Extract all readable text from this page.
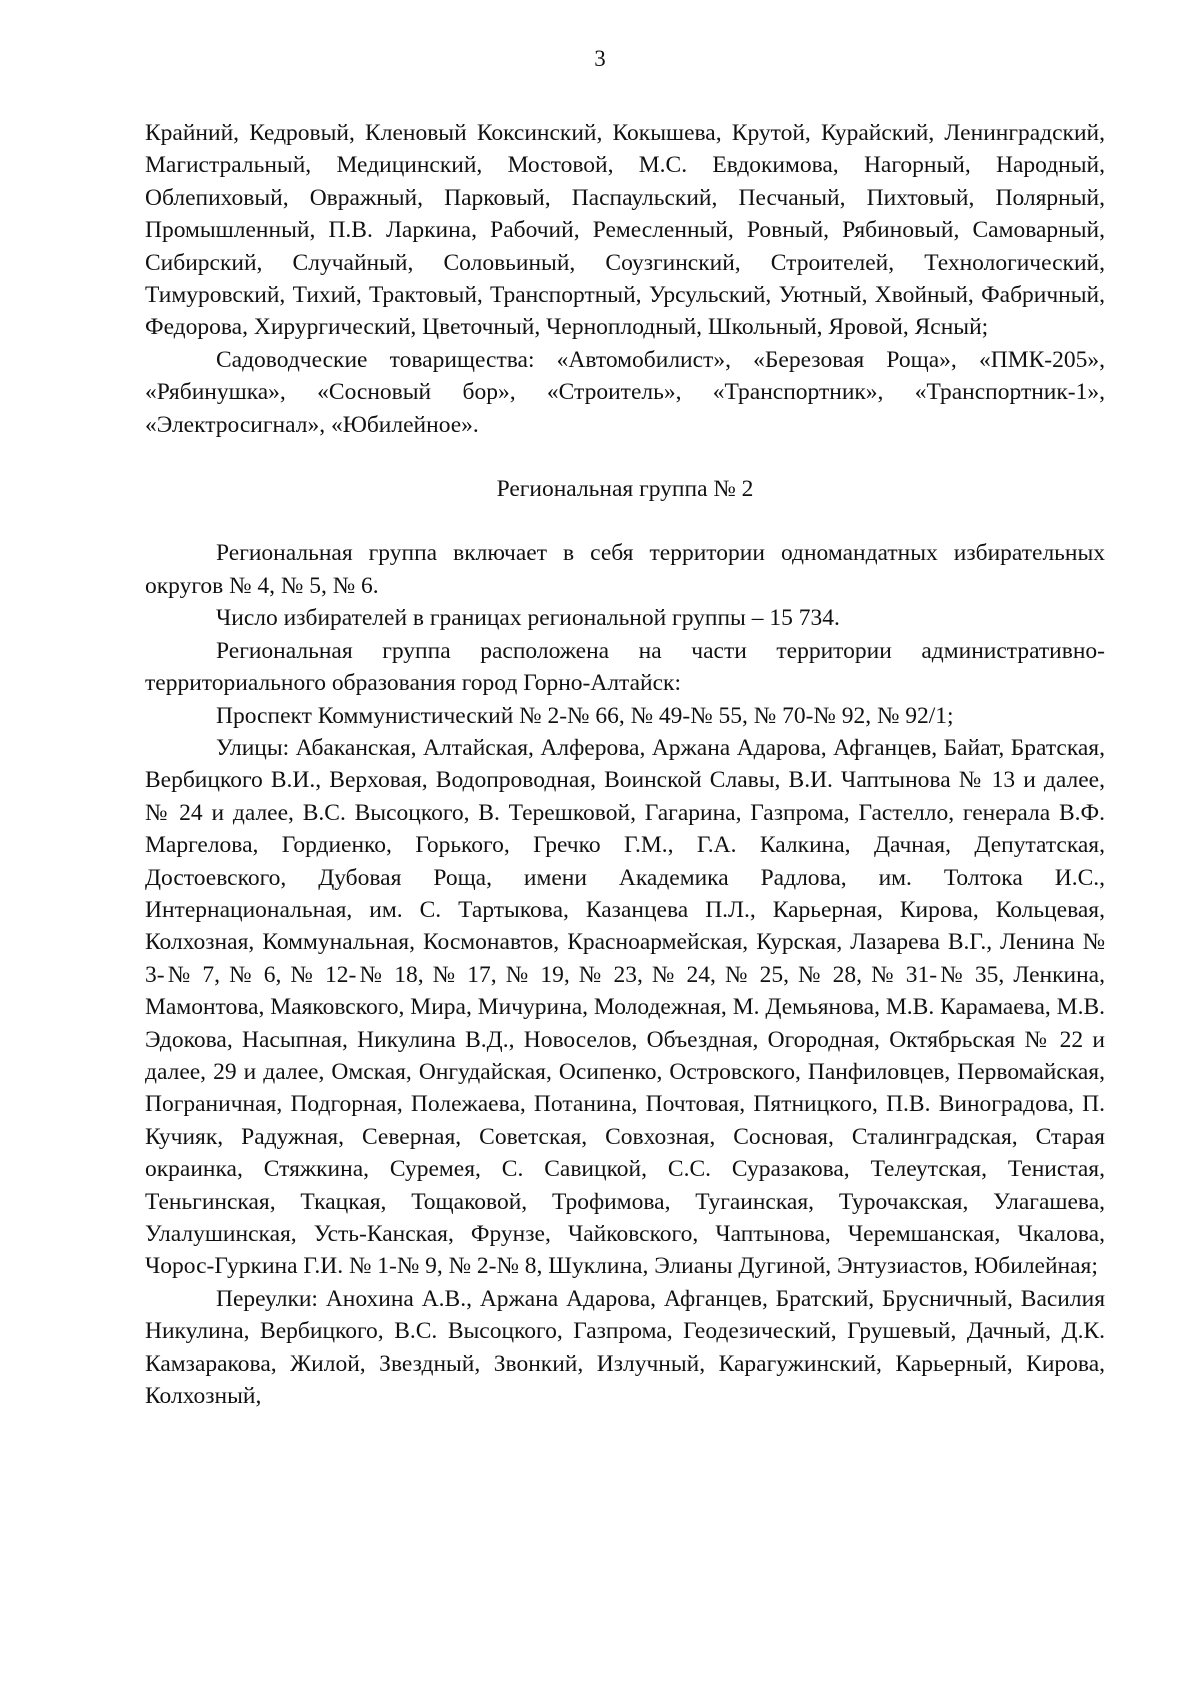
3

Крайний, Кедровый, Кленовый Коксинский, Кокышева, Крутой, Курайский, Ленинградский, Магистральный, Медицинский, Мостовой, М.С. Евдокимова, Нагорный, Народный, Облепиховый, Овражный, Парковый, Паспаульский, Песчаный, Пихтовый, Полярный, Промышленный, П.В. Ларкина, Рабочий, Ремесленный, Ровный, Рябиновый, Самоварный, Сибирский, Случайный, Соловьиный, Соузгинский, Строителей, Технологический, Тимуровский, Тихий, Трактовый, Транспортный, Урсульский, Уютный, Хвойный, Фабричный, Федорова, Хирургический, Цветочный, Черноплодный, Школьный, Яровой, Ясный;

Садоводческие товарищества: «Автомобилист», «Березовая Роща», «ПМК-205», «Рябинушка», «Сосновый бор», «Строитель», «Транспортник», «Транспортник-1», «Электросигнал», «Юбилейное».

Региональная группа № 2

Региональная группа включает в себя территории одномандатных избирательных округов № 4, № 5, № 6.

Число избирателей в границах региональной группы – 15 734.

Региональная группа расположена на части территории административно-территориального образования город Горно-Алтайск:

Проспект Коммунистический № 2-№ 66, № 49-№ 55, № 70-№ 92, № 92/1;

Улицы: Абаканская, Алтайская, Алферова, Аржана Адарова, Афганцев, Байат, Братская, Вербицкого В.И., Верховая, Водопроводная, Воинской Славы, В.И. Чаптынова № 13 и далее, № 24 и далее, В.С. Высоцкого, В. Терешковой, Гагарина, Газпрома, Гастелло, генерала В.Ф. Маргелова, Гордиенко, Горького, Гречко Г.М., Г.А. Калкина, Дачная, Депутатская, Достоевского, Дубовая Роща, имени Академика Радлова, им. Толтока И.С., Интернациональная, им. С. Тартыкова, Казанцева П.Л., Карьерная, Кирова, Кольцевая, Колхозная, Коммунальная, Космонавтов, Красноармейская, Курская, Лазарева В.Г., Ленина № 3-№ 7, № 6, № 12-№ 18, № 17, № 19, № 23, № 24, № 25, № 28, № 31-№ 35, Ленкина, Мамонтова, Маяковского, Мира, Мичурина, Молодежная, М. Демьянова, М.В. Карамаева, М.В. Эдокова, Насыпная, Никулина В.Д., Новоселов, Объездная, Огородная, Октябрьская № 22 и далее, 29 и далее, Омская, Онгудайская, Осипенко, Островского, Панфиловцев, Первомайская, Пограничная, Подгорная, Полежаева, Потанина, Почтовая, Пятницкого, П.В. Виноградова, П. Кучияк, Радужная, Северная, Советская, Совхозная, Сосновая, Сталинградская, Старая окраинка, Стяжкина, Суремея, С. Савицкой, С.С. Суразакова, Телеутская, Тенистая, Теньгинская, Ткацкая, Тощаковой, Трофимова, Тугаинская, Турочакская, Улагашева, Улалушинская, Усть-Канская, Фрунзе, Чайковского, Чаптынова, Черемшанская, Чкалова, Чорос-Гуркина Г.И. № 1-№ 9, № 2-№ 8, Шуклина, Элианы Дугиной, Энтузиастов, Юбилейная;

Переулки: Анохина А.В., Аржана Адарова, Афганцев, Братский, Брусничный, Василия Никулина, Вербицкого, В.С. Высоцкого, Газпрома, Геодезический, Грушевый, Дачный, Д.К. Камзаракова, Жилой, Звездный, Звонкий, Излучный, Карагужинский, Карьерный, Кирова, Колхозный,
